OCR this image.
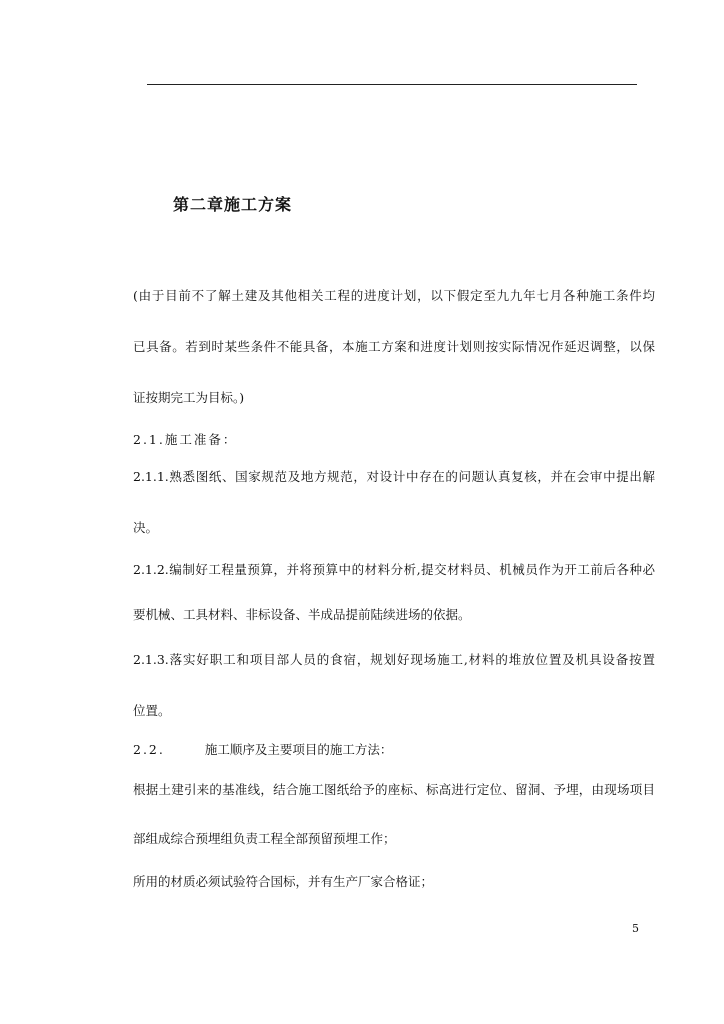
第二章施工方案
(由于目前不了解土建及其他相关工程的进度计划，以下假定至九九年七月各种施工条件均
已具备。若到时某些条件不能具备，本施工方案和进度计划则按实际情况作延迟调整，以保
证按期完工为目标。)
2.1.施工准备：
2.1.1.熟悉图纸、国家规范及地方规范，对设计中存在的问题认真复核，并在会审中提出解
决。
2.1.2.编制好工程量预算，并将预算中的材料分析,提交材料员、机械员作为开工前后各种必
要机械、工具材料、非标设备、半成品提前陆续进场的依据。
2.1.3.落实好职工和项目部人员的食宿，规划好现场施工,材料的堆放位置及机具设备按置
位置。
2.2.	施工顺序及主要项目的施工方法：
根据土建引来的基准线，结合施工图纸给予的座标、标高进行定位、留洞、予埋，由现场项目
部组成综合预埋组负责工程全部预留预埋工作；
所用的材质必须试验符合国标，并有生产厂家合格证；
5
